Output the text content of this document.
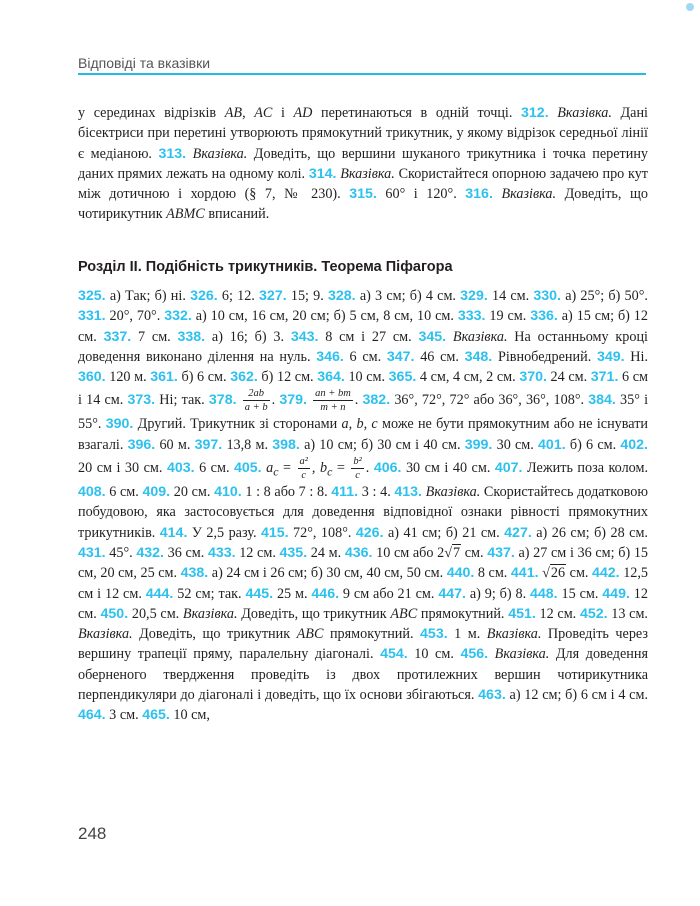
Відповіді та вказівки
у серединах відрізків AB, AC і AD перетинаються в одній точці. 312. Вказівка. Дані бісектриси при перетині утворюють прямокутний трикутник, у якому відрізок середньої лінії є медіаною. 313. Вказівка. Доведіть, що вершини шуканого трикутника і точка перетину даних прямих лежать на одному колі. 314. Вказівка. Скористайтеся опорною задачею про кут між дотичною і хордою (§ 7, № 230). 315. 60° і 120°. 316. Вказівка. Доведіть, що чотирикутник ABMC вписаний.
Розділ ІІ. Подібність трикутників. Теорема Піфагора
325. а) Так; б) ні. 326. 6; 12. 327. 15; 9. 328. а) 3 см; б) 4 см. 329. 14 см. 330. а) 25°; б) 50°. 331. 20°, 70°. 332. а) 10 см, 16 см, 20 см; б) 5 см, 8 см, 10 см. 333. 19 см. 336. а) 15 см; б) 12 см. 337. 7 см. 338. а) 16; б) 3. 343. 8 см і 27 см. 345. Вказівка. На останньому кроці доведення виконано ділення на нуль. 346. 6 см. 347. 46 см. 348. Рівнобедрений. 349. Ні. 360. 120 м. 361. б) 6 см. 362. б) 12 см. 364. 10 см. 365. 4 см, 4 см, 2 см. 370. 24 см. 371. 6 см і 14 см. 373. Ні; так. 378. $\frac{2ab}{a + b}$ . 379. $\frac{an + bm}{m + n}$ . 382. 36°, 72°, 72° або 36°, 36°, 108°. 384. 35° і 55°. 390. Другий. Трикутник зі сторонами a, b, c може не бути прямокутним або не існувати взагалі. 396. 60 м. 397. 13,8 м. 398. а) 10 см; б) 30 см і 40 см. 399. 30 см. 401. б) 6 см. 402. 20 см і 30 см. 403. 6 см. 405. $a_c = \frac{\text{a²}}{c}$ , $b_c = \frac{\text{b²}}{c}$ . 406. 30 см і 40 см. 407. Лежить поза колом. 408. 6 см. 409. 20 см. 410. 1 : 8 або 7 : 8. 411. 3 : 4. 413. Вказівка. Скористайтесь додатковою побудовою, яка застосовується для доведення відповідної ознаки рівності прямокутних трикутників. 414. У 2,5 разу. 415. 72°, 108°. 426. а) 41 см; б) 21 см. 427. а) 26 см; б) 28 см. 431. 45°. 432. 36 см. 433. 12 см. 435. 24 м. 436. 10 см або 2√7 см. 437. а) 27 см і 36 см; б) 15 см, 20 см, 25 см. 438. а) 24 см і 26 см; б) 30 см, 40 см, 50 см. 440. 8 см. 441. √26 см. 442. 12,5 см і 12 см. 444. 52 см; так. 445. 25 м. 446. 9 см або 21 см. 447. а) 9; б) 8. 448. 15 см. 449. 12 см. 450. 20,5 см. Вказівка. Доведіть, що трикутник ABC прямокутний. 451. 12 см. 452. 13 см. Вказівка. Доведіть, що трикутник ABC прямокутний. 453. 1 м. Вказівка. Проведіть через вершину трапеції пряму, паралельну діагоналі. 454. 10 см. 456. Вказівка. Для доведення оберненого твердження проведіть із двох протилежних вершин чотирикутника перпендикуляри до діагоналі і доведіть, що їх основи збігаються. 463. а) 12 см; б) 6 см і 4 см. 464. 3 см. 465. 10 см,
248
